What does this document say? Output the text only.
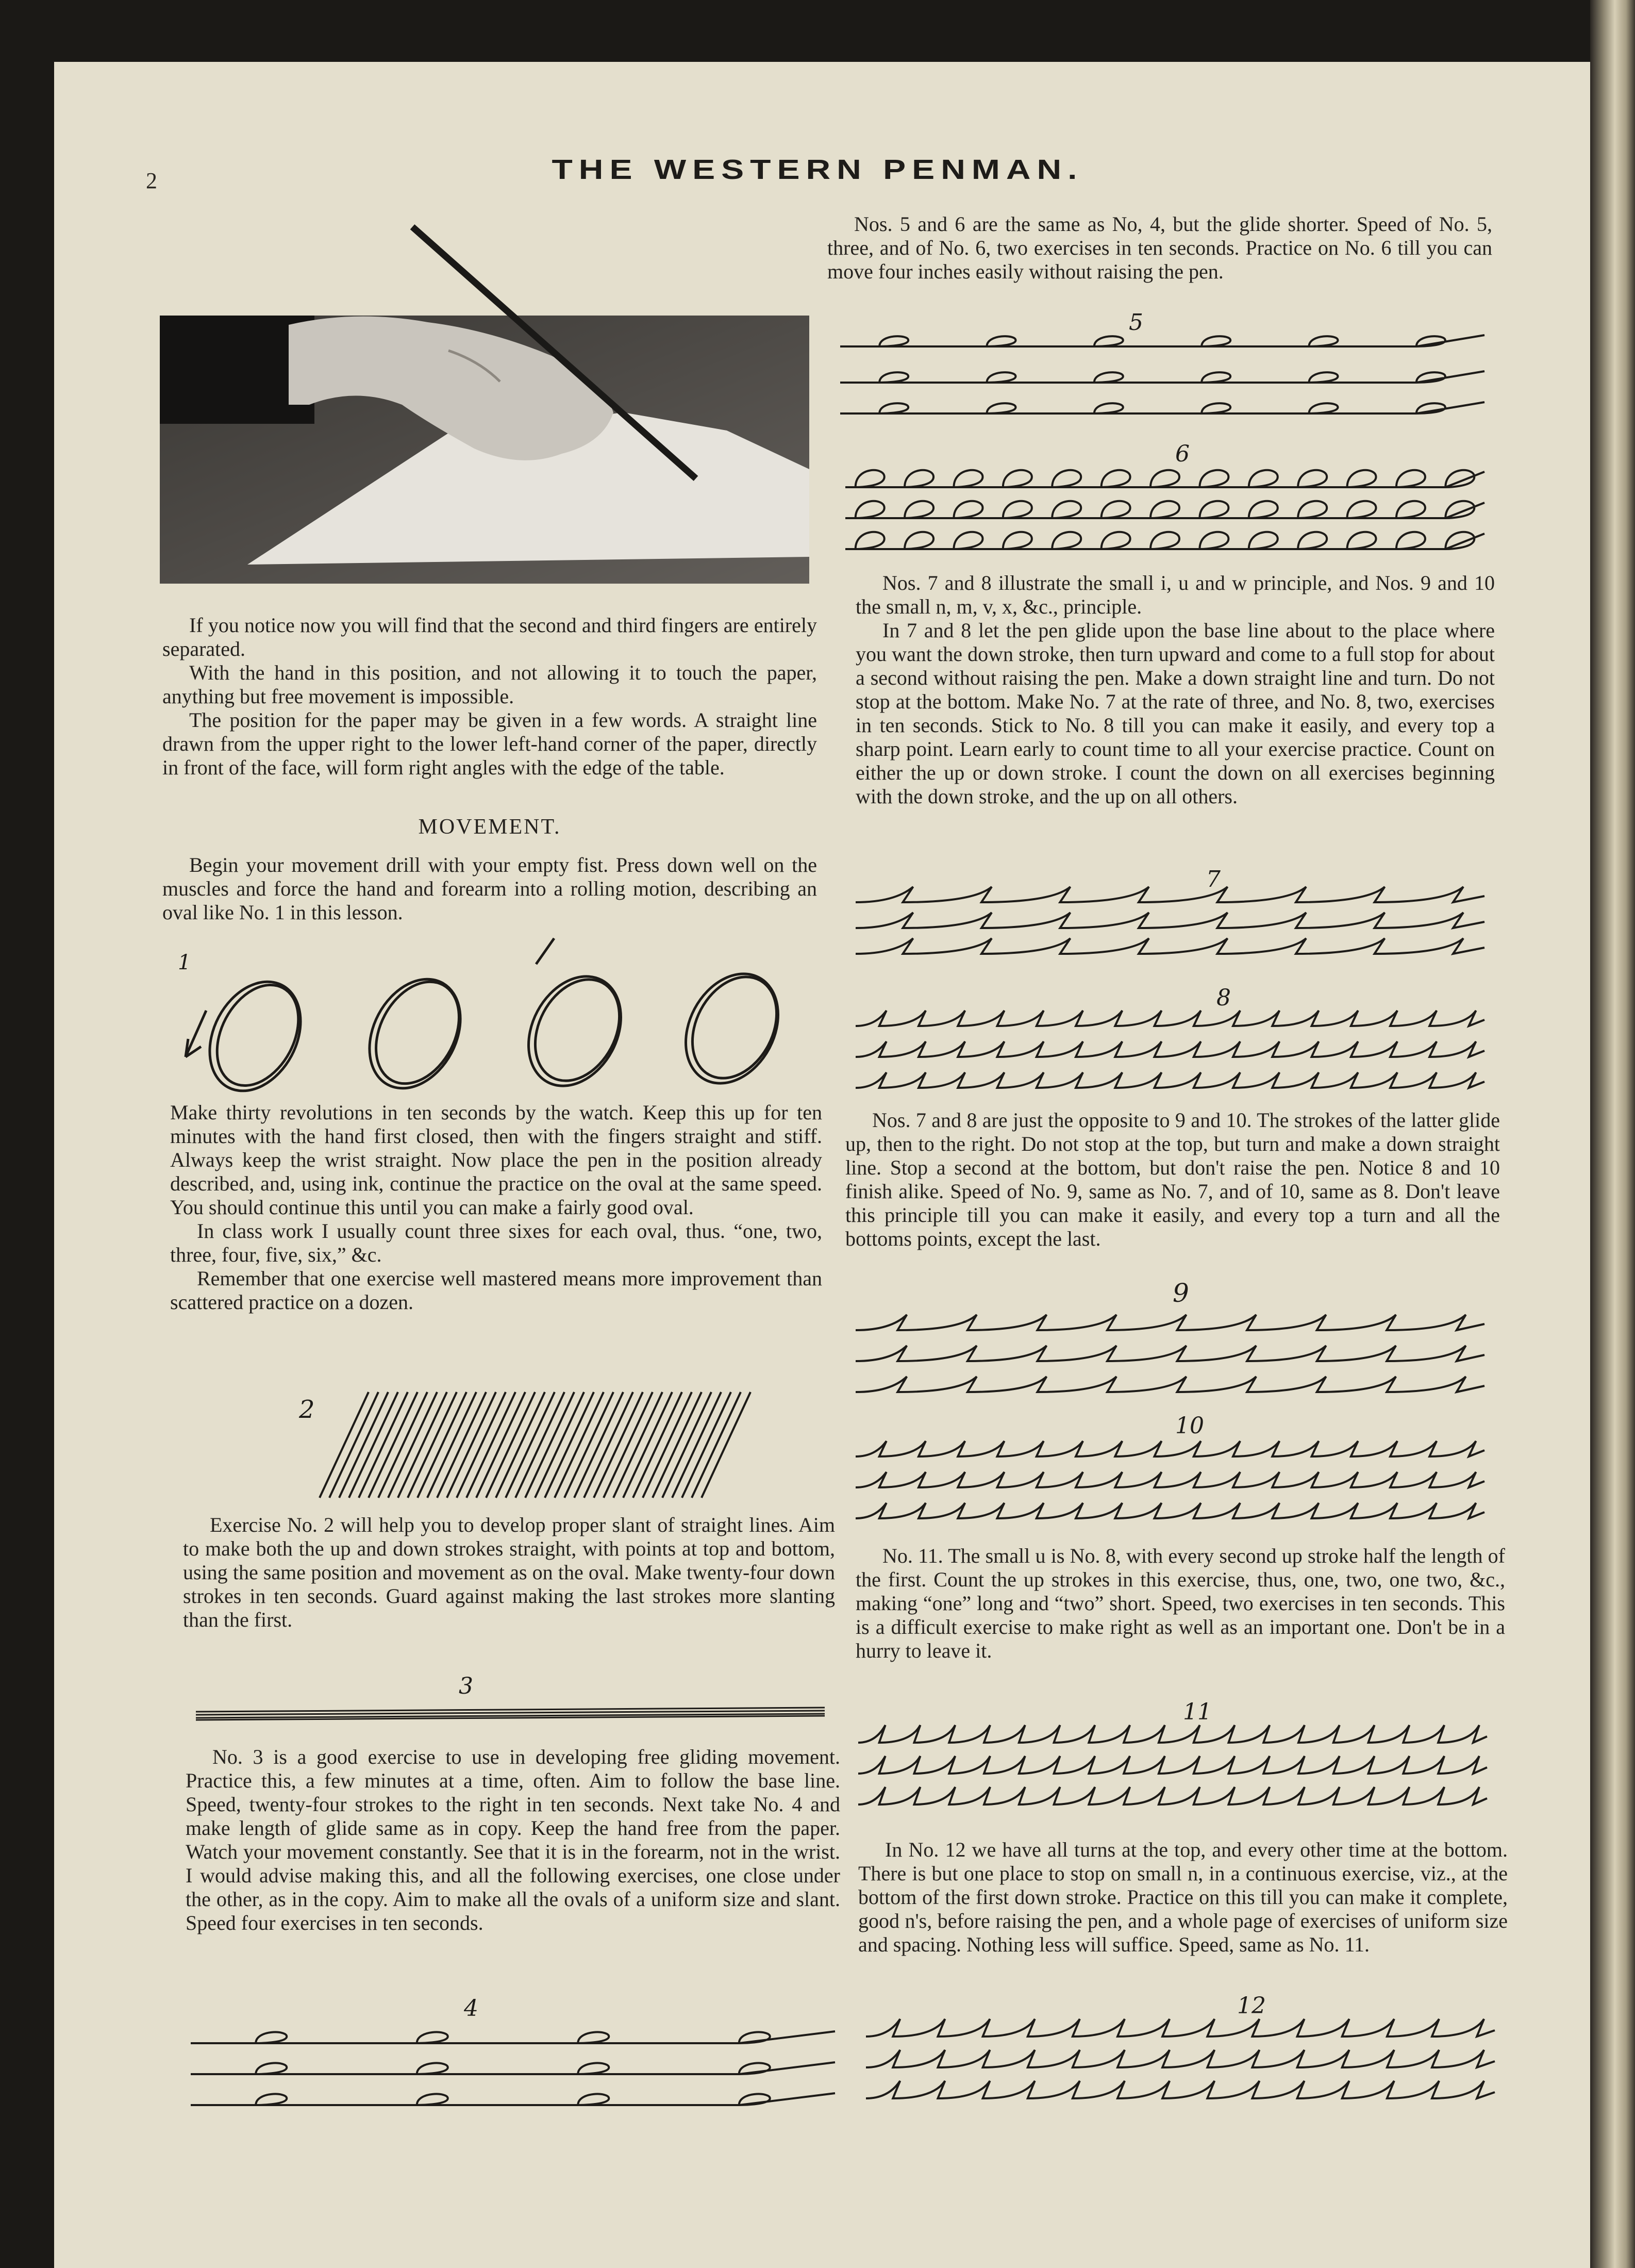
2	THE WESTERN PENMAN.

If you notice now you will find that the second and third fingers are entirely separated.

With the hand in this position, and not allowing it to touch the paper, anything but free movement is impossible.

The position for the paper may be given in a few words. A straight line drawn from the upper right to the lower left-hand corner of the paper, directly in front of the face, will form right angles with the edge of the table.

MOVEMENT.

Begin your movement drill with your empty fist. Press down well on the muscles and force the hand and forearm into a rolling motion, describing an oval like No. 1 in this lesson.

1

Make thirty revolutions in ten seconds by the watch. Keep this up for ten minutes with the hand first closed, then with the fingers straight and stiff. Always keep the wrist straight. Now place the pen in the position already described, and, using ink, continue the practice on the oval at the same speed. You should continue this until you can make a fairly good oval.

In class work I usually count three sixes for each oval, thus. “one, two, three, four, five, six,” &c.

Remember that one exercise well mastered means more improvement than scattered practice on a dozen.

2

Exercise No. 2 will help you to develop proper slant of straight lines. Aim to make both the up and down strokes straight, with points at top and bottom, using the same position and movement as on the oval. Make twenty-four down strokes in ten seconds. Guard against making the last strokes more slanting than the first.

3

No. 3 is a good exercise to use in developing free gliding movement. Practice this, a few minutes at a time, often. Aim to follow the base line. Speed, twenty-four strokes to the right in ten seconds. Next take No. 4 and make length of glide same as in copy. Keep the hand free from the paper. Watch your movement constantly. See that it is in the forearm, not in the wrist. I would advise making this, and all the following exercises, one close under the other, as in the copy. Aim to make all the ovals of a uniform size and slant. Speed four exercises in ten seconds.

4

Nos. 5 and 6 are the same as No, 4, but the glide shorter. Speed of No. 5, three, and of No. 6, two exercises in ten seconds. Practice on No. 6 till you can move four inches easily without raising the pen.

5
6

Nos. 7 and 8 illustrate the small i, u and w principle, and Nos. 9 and 10 the small n, m, v, x, &c., principle.

In 7 and 8 let the pen glide upon the base line about to the place where you want the down stroke, then turn upward and come to a full stop for about a second without raising the pen. Make a down straight line and turn. Do not stop at the bottom. Make No. 7 at the rate of three, and No. 8, two, exercises in ten seconds. Stick to No. 8 till you can make it easily, and every top a sharp point. Learn early to count time to all your exercise practice. Count on either the up or down stroke. I count the down on all exercises beginning with the down stroke, and the up on all others.

7
8

Nos. 7 and 8 are just the opposite to 9 and 10. The strokes of the latter glide up, then to the right. Do not stop at the top, but turn and make a down straight line. Stop a second at the bottom, but don't raise the pen. Notice 8 and 10 finish alike. Speed of No. 9, same as No. 7, and of 10, same as 8. Don't leave this principle till you can make it easily, and every top a turn and all the bottoms points, except the last.

9
10

No. 11. The small u is No. 8, with every second up stroke half the length of the first. Count the up strokes in this exercise, thus, one, two, one two, &c., making “one” long and “two” short. Speed, two exercises in ten seconds. This is a difficult exercise to make right as well as an important one. Don't be in a hurry to leave it.

11

In No. 12 we have all turns at the top, and every other time at the bottom. There is but one place to stop on small n, in a continuous exercise, viz., at the bottom of the first down stroke. Practice on this till you can make it complete, good n's, before raising the pen, and a whole page of exercises of uniform size and spacing. Nothing less will suffice. Speed, same as No. 11.

12
